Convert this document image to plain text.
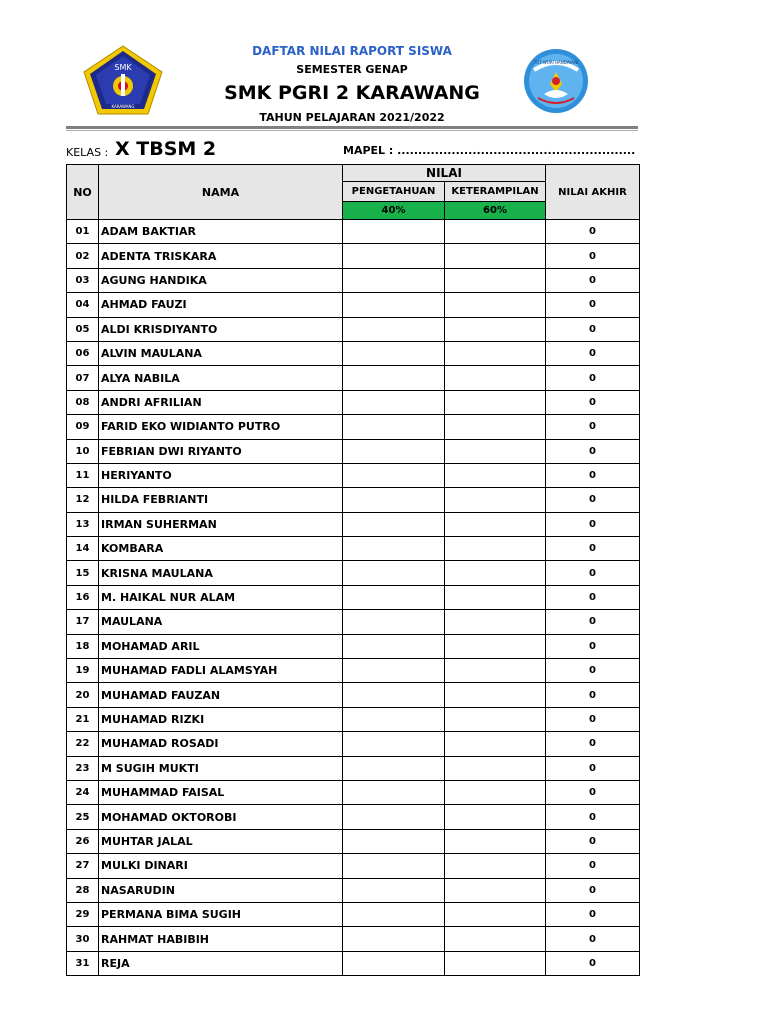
SMK
KARAWANG
TUT WURI HANDAYANI
DAFTAR NILAI RAPORT SISWA
SEMESTER GENAP
SMK PGRI 2 KARAWANG
TAHUN PELAJARAN 2021/2022
KELAS : X TBSM 2	MAPEL : .........................................................
NO	NAMA	NILAI		NILAI AKHIR
		PENGETAHUAN	KETERAMPILAN	
		40%	60%	
01	ADAM BAKTIAR			0
02	ADENTA TRISKARA			0
03	AGUNG HANDIKA			0
04	AHMAD FAUZI			0
05	ALDI KRISDIYANTO			0
06	ALVIN MAULANA			0
07	ALYA NABILA			0
08	ANDRI AFRILIAN			0
09	FARID EKO WIDIANTO PUTRO			0
10	FEBRIAN DWI RIYANTO			0
11	HERIYANTO			0
12	HILDA FEBRIANTI			0
13	IRMAN SUHERMAN			0
14	KOMBARA			0
15	KRISNA MAULANA			0
16	M. HAIKAL NUR ALAM			0
17	MAULANA			0
18	MOHAMAD ARIL			0
19	MUHAMAD FADLI ALAMSYAH			0
20	MUHAMAD FAUZAN			0
21	MUHAMAD RIZKI			0
22	MUHAMAD ROSADI			0
23	M SUGIH MUKTI			0
24	MUHAMMAD FAISAL			0
25	MOHAMAD OKTOROBI			0
26	MUHTAR JALAL			0
27	MULKI DINARI			0
28	NASARUDIN			0
29	PERMANA BIMA SUGIH			0
30	RAHMAT HABIBIH			0
31	REJA			0
